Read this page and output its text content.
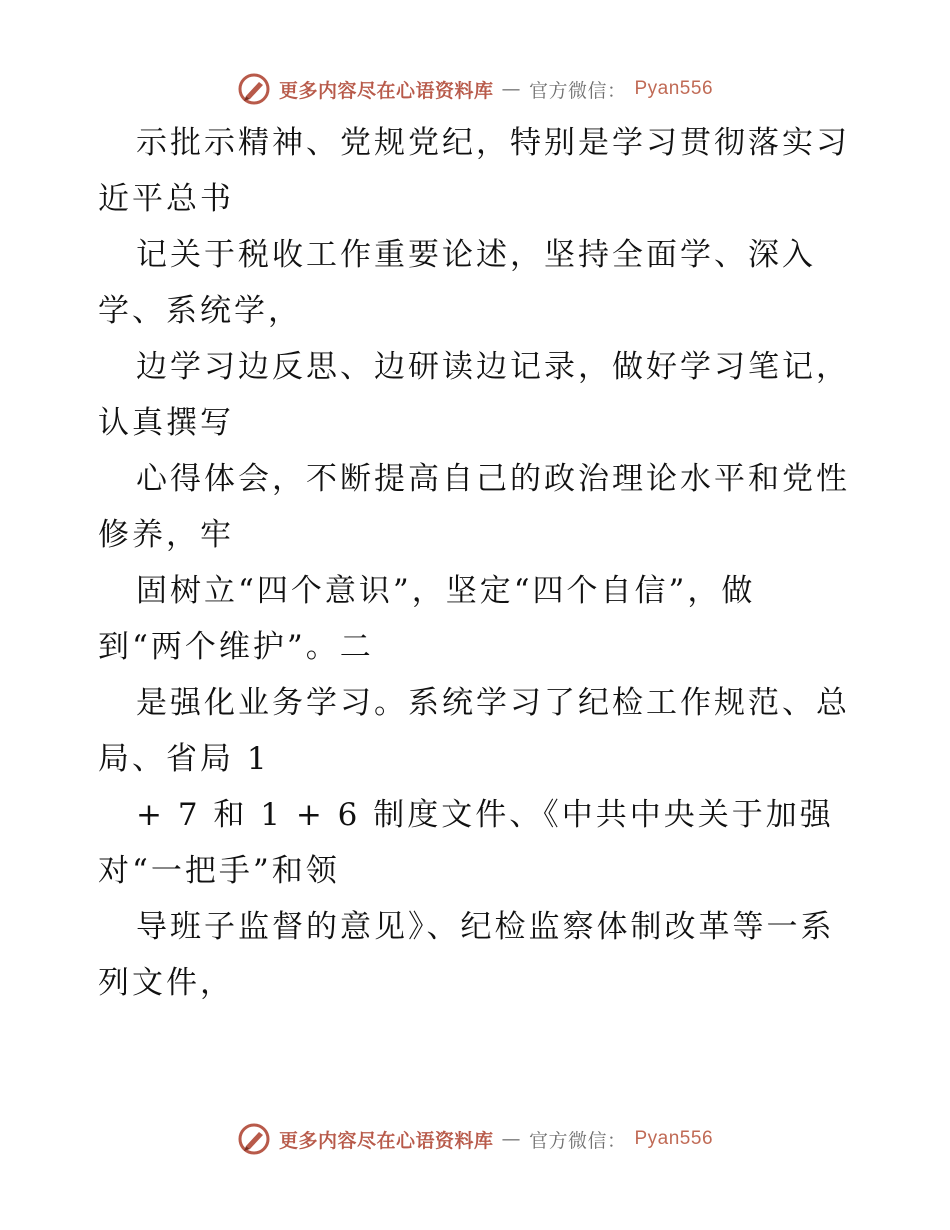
更多内容尽在心语资料库 — 官方微信： Pyan556

示批示精神、党规党纪，特别是学习贯彻落实习
近平总书

记关于税收工作重要论述，坚持全面学、深入
学、系统学，

边学习边反思、边研读边记录，做好学习笔记，
认真撰写

心得体会，不断提高自己的政治理论水平和党性
修养，牢

固树立“四个意识”，坚定“四个自信”，做
到“两个维护”。二

是强化业务学习。系统学习了纪检工作规范、总
局、省局 1

+ 7 和 1 + 6 制度文件、《中共中央关于加强
对“一把手”和领

导班子监督的意见》、纪检监察体制改革等一系
列文件，

更多内容尽在心语资料库 — 官方微信： Pyan556
